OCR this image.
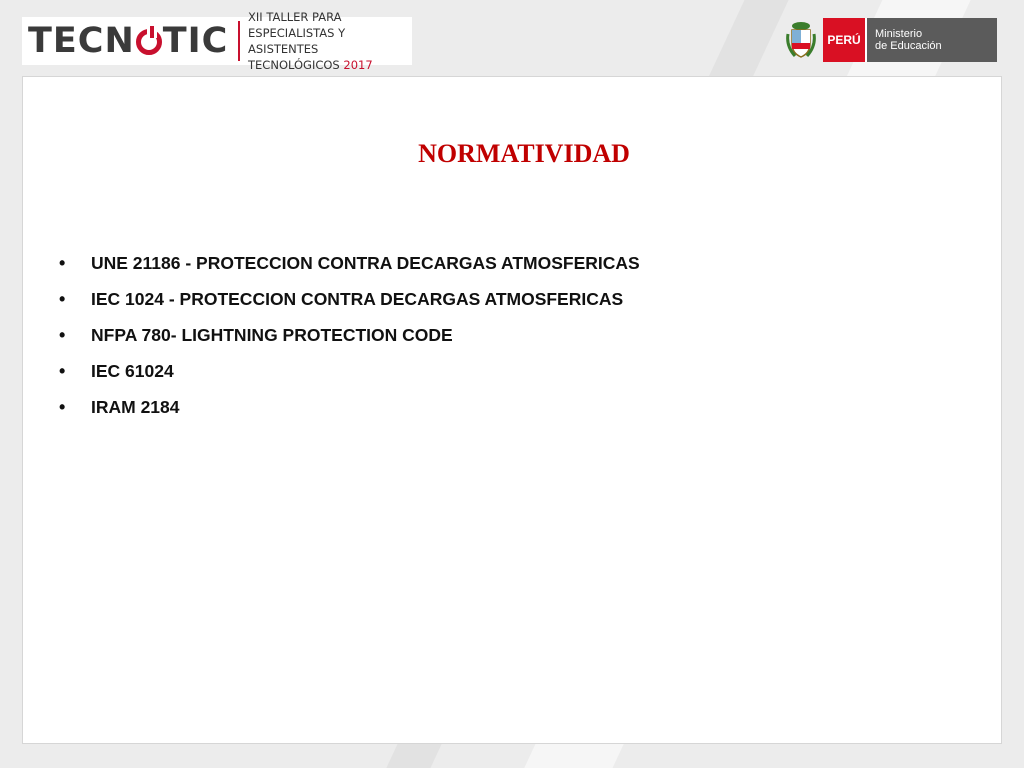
TECN TIC
XII TALLER PARA ESPECIALISTAS Y
ASISTENTES TECNOLÓGICOS 2017
PERÚ	Ministerio
de Educación
NORMATIVIDAD
•	UNE 21186 - PROTECCION CONTRA DECARGAS ATMOSFERICAS
•	IEC 1024 - PROTECCION CONTRA DECARGAS ATMOSFERICAS
•	NFPA 780- LIGHTNING PROTECTION CODE
•	IEC 61024
•	IRAM 2184
